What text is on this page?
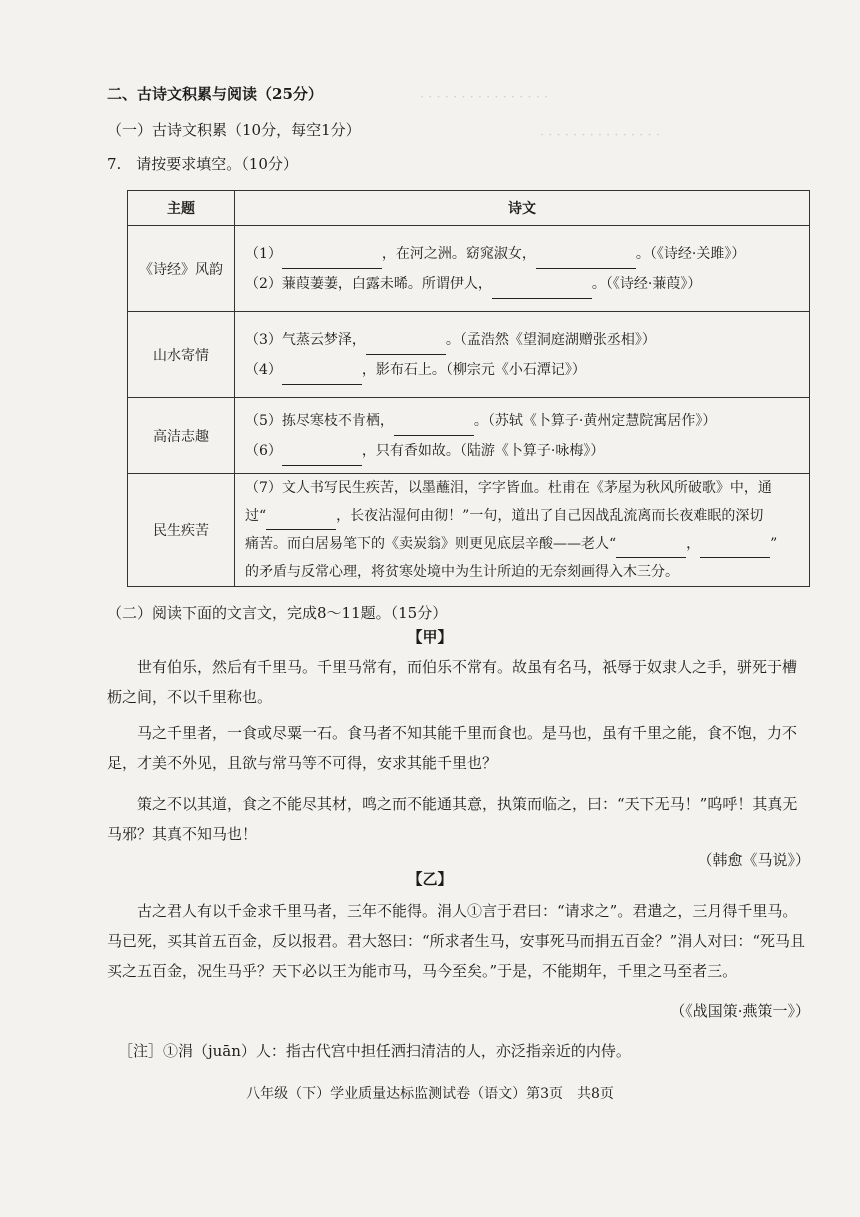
· · · · · · · · · · · · · · · ·
· · · · · · · · · · · · · · ·
二、古诗文积累与阅读（25分）
（一）古诗文积累（10分，每空1分）
7.　请按要求填空。（10分）
主题	诗文
《诗经》风韵	（1） ，在河之洲。窈窕淑女， 。（《诗经·关雎》）
（2）蒹葭萋萋，白露未晞。所谓伊人， 。（《诗经·蒹葭》）

山水寄情	（3）气蒸云梦泽， 。（孟浩然《望洞庭湖赠张丞相》）
（4） ，影布石上。（柳宗元《小石潭记》）

高洁志趣	（5）拣尽寒枝不肯栖， 。（苏轼《卜算子·黄州定慧院寓居作》）
（6） ，只有香如故。（陆游《卜算子·咏梅》）

民生疾苦	（7）文人书写民生疾苦，以墨蘸泪，字字皆血。杜甫在《茅屋为秋风所破歌》中，通
过“ ，长夜沾湿何由彻！”一句，道出了自己因战乱流离而长夜难眠的深切
痛苦。而白居易笔下的《卖炭翁》则更见底层辛酸——老人“ ， ”
的矛盾与反常心理，将贫寒处境中为生计所迫的无奈刻画得入木三分。
（二）阅读下面的文言文，完成8～11题。（15分）
【甲】
世有伯乐，然后有千里马。千里马常有，而伯乐不常有。故虽有名马，祇辱于奴隶人之手，骈死于槽枥之间，不以千里称也。
马之千里者，一食或尽粟一石。食马者不知其能千里而食也。是马也，虽有千里之能，食不饱，力不足，才美不外见，且欲与常马等不可得，安求其能千里也？
策之不以其道，食之不能尽其材，鸣之而不能通其意，执策而临之，曰：“天下无马！”呜呼！其真无马邪？其真不知马也！
（韩愈《马说》）
【乙】
古之君人有以千金求千里马者，三年不能得。涓人①言于君曰：“请求之”。君遣之，三月得千里马。马已死，买其首五百金，反以报君。君大怒曰：“所求者生马，安事死马而捐五百金？”涓人对曰：“死马且买之五百金，况生马乎？天下必以王为能市马，马今至矣。”于是，不能期年，千里之马至者三。
（《战国策·燕策一》）
［注］①涓（juān）人：指古代宫中担任洒扫清洁的人，亦泛指亲近的内侍。
八年级（下）学业质量达标监测试卷（语文）第3页　共8页
